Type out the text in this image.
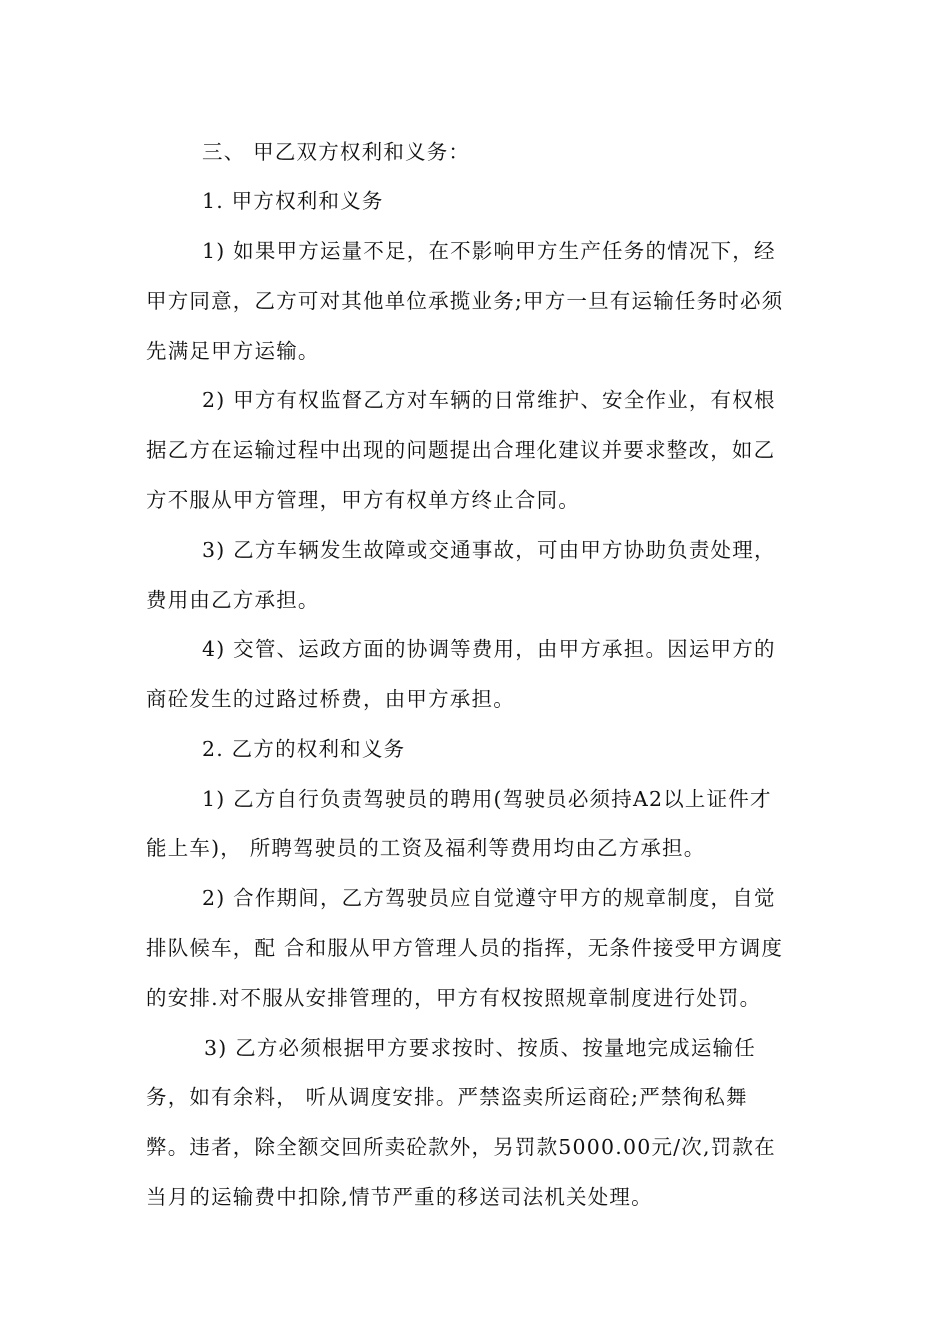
三、 甲乙双方权利和义务：
1. 甲方权利和义务
1) 如果甲方运量不足，在不影响甲方生产任务的情况下，经
甲方同意，乙方可对其他单位承揽业务;甲方一旦有运输任务时必须
先满足甲方运输。
2) 甲方有权监督乙方对车辆的日常维护、安全作业，有权根
据乙方在运输过程中出现的问题提出合理化建议并要求整改，如乙
方不服从甲方管理，甲方有权单方终止合同。
3) 乙方车辆发生故障或交通事故，可由甲方协助负责处理，
费用由乙方承担。
4) 交管、运政方面的协调等费用，由甲方承担。因运甲方的
商砼发生的过路过桥费，由甲方承担。
2. 乙方的权利和义务
1) 乙方自行负责驾驶员的聘用(驾驶员必须持A2以上证件才
能上车)， 所聘驾驶员的工资及福利等费用均由乙方承担。
2) 合作期间，乙方驾驶员应自觉遵守甲方的规章制度，自觉
排队候车，配 合和服从甲方管理人员的指挥，无条件接受甲方调度
的安排.对不服从安排管理的，甲方有权按照规章制度进行处罚。
3) 乙方必须根据甲方要求按时、按质、按量地完成运输任
务，如有余料， 听从调度安排。严禁盗卖所运商砼;严禁徇私舞
弊。违者，除全额交回所卖砼款外，另罚款5000.00元/次,罚款在
当月的运输费中扣除,情节严重的移送司法机关处理。
